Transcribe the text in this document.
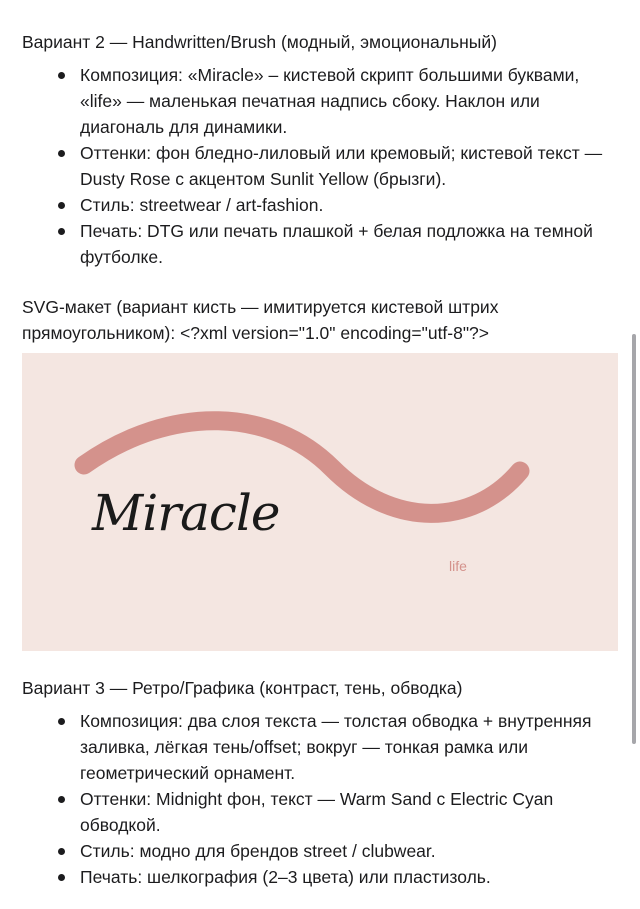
Вариант 2 — Handwritten/Brush (модный, эмоциональный)
Композиция: «Miracle» – кистевой скрипт большими буквами, «life» — маленькая печатная надпись сбоку. Наклон или диагональ для динамики.
Оттенки: фон бледно-лиловый или кремовый; кистевой текст — Dusty Rose с акцентом Sunlit Yellow (брызги).
Стиль: streetwear / art-fashion.
Печать: DTG или печать плашкой + белая подложка на темной футболке.
SVG-макет (вариант кисть — имитируется кистевой штрих прямоугольником): <?xml version="1.0" encoding="utf-8"?>
Miracle
life
Вариант 3 — Ретро/Графика (контраст, тень, обводка)
Композиция: два слоя текста — толстая обводка + внутренняя заливка, лёгкая тень/offset; вокруг — тонкая рамка или геометрический орнамент.
Оттенки: Midnight фон, текст — Warm Sand с Electric Cyan обводкой.
Стиль: модно для брендов street / clubwear.
Печать: шелкография (2–3 цвета) или пластизоль.
